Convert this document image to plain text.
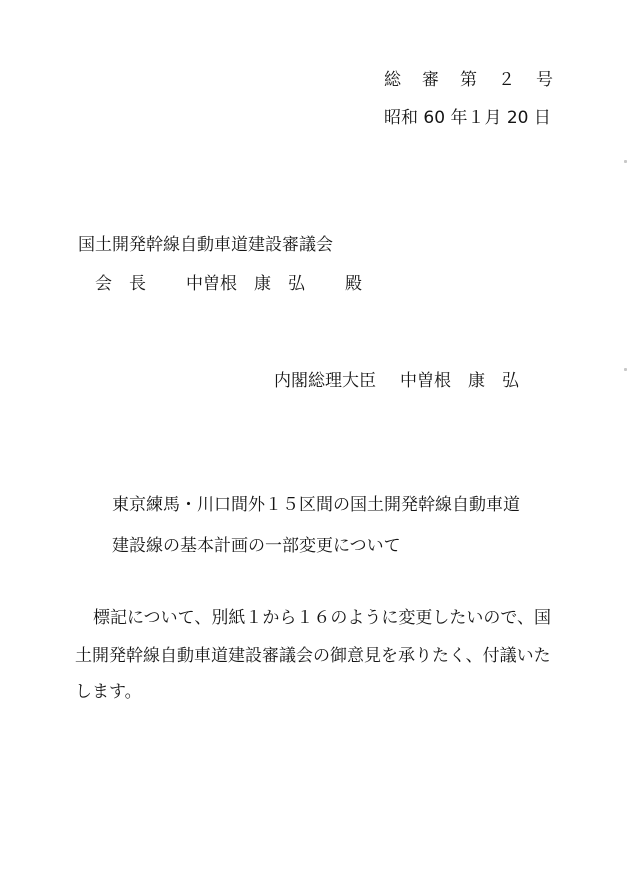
総　審　第　２　号
昭和 60 年１月 20 日
国土開発幹線自動車道建設審議会
会　長 中曽根　康　弘 殿
内閣総理大臣 中曽根　康　弘
東京練馬・川口間外１５区間の国土開発幹線自動車道
建設線の基本計画の一部変更について
標記について、別紙１から１６のように変更したいので、国
土開発幹線自動車道建設審議会の御意見を承りたく、付議いた
します。
